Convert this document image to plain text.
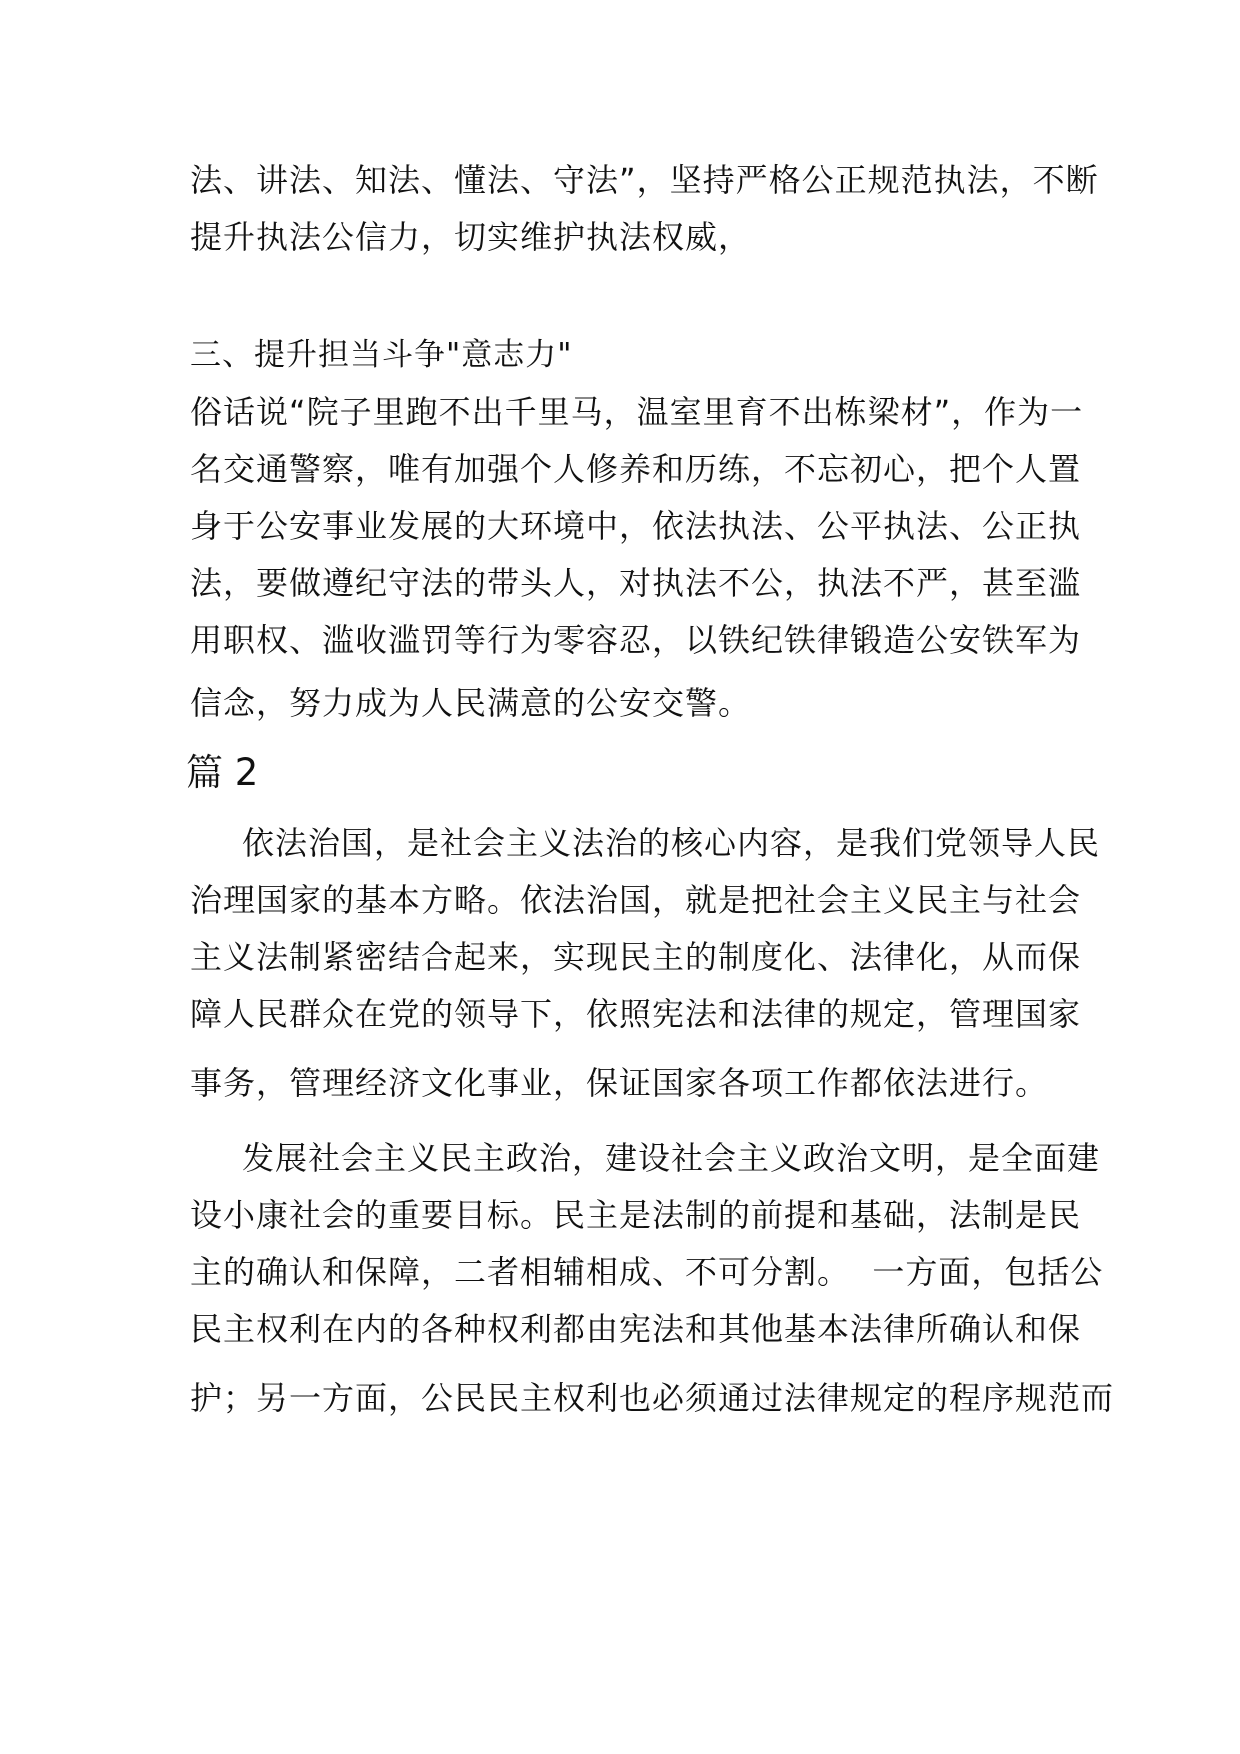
法、讲法、知法、懂法、守法”，坚持严格公正规范执法，不断
提升执法公信力，切实维护执法权威，
三、提升担当斗争"意志力"
俗话说“院子里跑不出千里马，温室里育不出栋梁材”，作为一
名交通警察，唯有加强个人修养和历练，不忘初心，把个人置
身于公安事业发展的大环境中，依法执法、公平执法、公正执
法，要做遵纪守法的带头人，对执法不公，执法不严，甚至滥
用职权、滥收滥罚等行为零容忍，以铁纪铁律锻造公安铁军为
信念，努力成为人民满意的公安交警。
篇 2
依法治国，是社会主义法治的核心内容，是我们党领导人民
治理国家的基本方略。依法治国，就是把社会主义民主与社会
主义法制紧密结合起来，实现民主的制度化、法律化，从而保
障人民群众在党的领导下，依照宪法和法律的规定，管理国家
事务，管理经济文化事业，保证国家各项工作都依法进行。
发展社会主义民主政治，建设社会主义政治文明，是全面建
设小康社会的重要目标。民主是法制的前提和基础，法制是民
主的确认和保障，二者相辅相成、不可分割。  一方面，包括公
民主权利在内的各种权利都由宪法和其他基本法律所确认和保
护；另一方面，公民民主权利也必须通过法律规定的程序规范而
